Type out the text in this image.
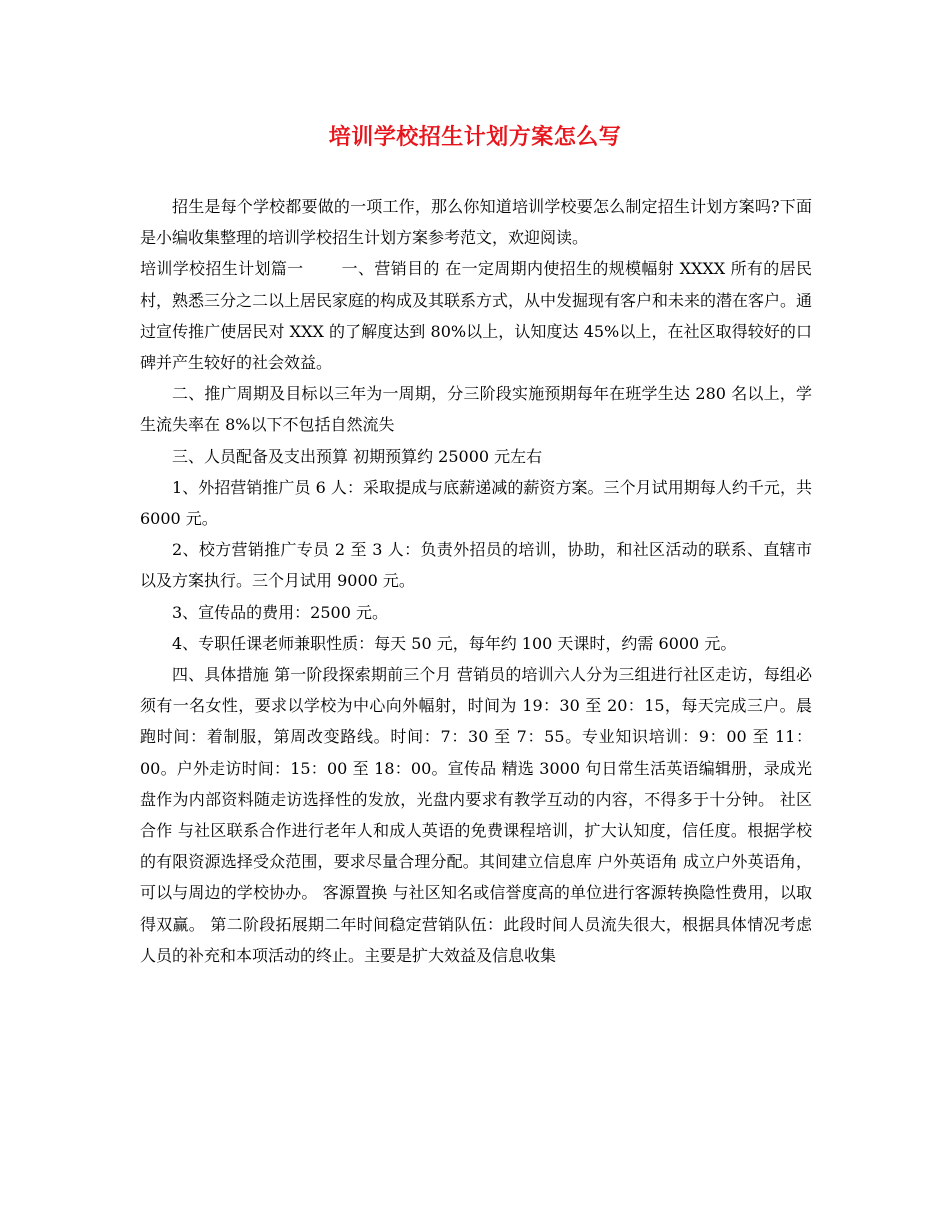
培训学校招生计划方案怎么写

招生是每个学校都要做的一项工作，那么你知道培训学校要怎么制定招生计划方案吗?下面是小编收集整理的培训学校招生计划方案参考范文，欢迎阅读。

培训学校招生计划篇一　　 一、营销目的 在一定周期内使招生的规模幅射 XXXX 所有的居民村，熟悉三分之二以上居民家庭的构成及其联系方式，从中发掘现有客户和未来的潜在客户。通过宣传推广使居民对 XXX 的了解度达到 80%以上，认知度达 45%以上，在社区取得较好的口碑并产生较好的社会效益。

二、推广周期及目标以三年为一周期，分三阶段实施预期每年在班学生达 280 名以上，学生流失率在 8%以下不包括自然流失

三、人员配备及支出预算 初期预算约 25000 元左右

1、外招营销推广员 6 人：采取提成与底薪递减的薪资方案。三个月试用期每人约千元，共 6000 元。

2、校方营销推广专员 2 至 3 人：负责外招员的培训，协助，和社区活动的联系、直辖市以及方案执行。三个月试用 9000 元。

3、宣传品的费用：2500 元。

4、专职任课老师兼职性质：每天 50 元，每年约 100 天课时，约需 6000 元。

四、具体措施 第一阶段探索期前三个月 营销员的培训六人分为三组进行社区走访，每组必须有一名女性，要求以学校为中心向外幅射，时间为 19：30 至 20：15，每天完成三户。晨跑时间：着制服，第周改变路线。时间：7：30 至 7：55。专业知识培训：9：00 至 11：00。户外走访时间：15：00 至 18：00。宣传品 精选 3000 句日常生活英语编辑册，录成光盘作为内部资料随走访选择性的发放，光盘内要求有教学互动的内容，不得多于十分钟。 社区合作 与社区联系合作进行老年人和成人英语的免费课程培训，扩大认知度，信任度。根据学校的有限资源选择受众范围，要求尽量合理分配。其间建立信息库 户外英语角 成立户外英语角，可以与周边的学校协办。 客源置换 与社区知名或信誉度高的单位进行客源转换隐性费用，以取得双赢。 第二阶段拓展期二年时间稳定营销队伍：此段时间人员流失很大，根据具体情况考虑人员的补充和本项活动的终止。主要是扩大效益及信息收集
